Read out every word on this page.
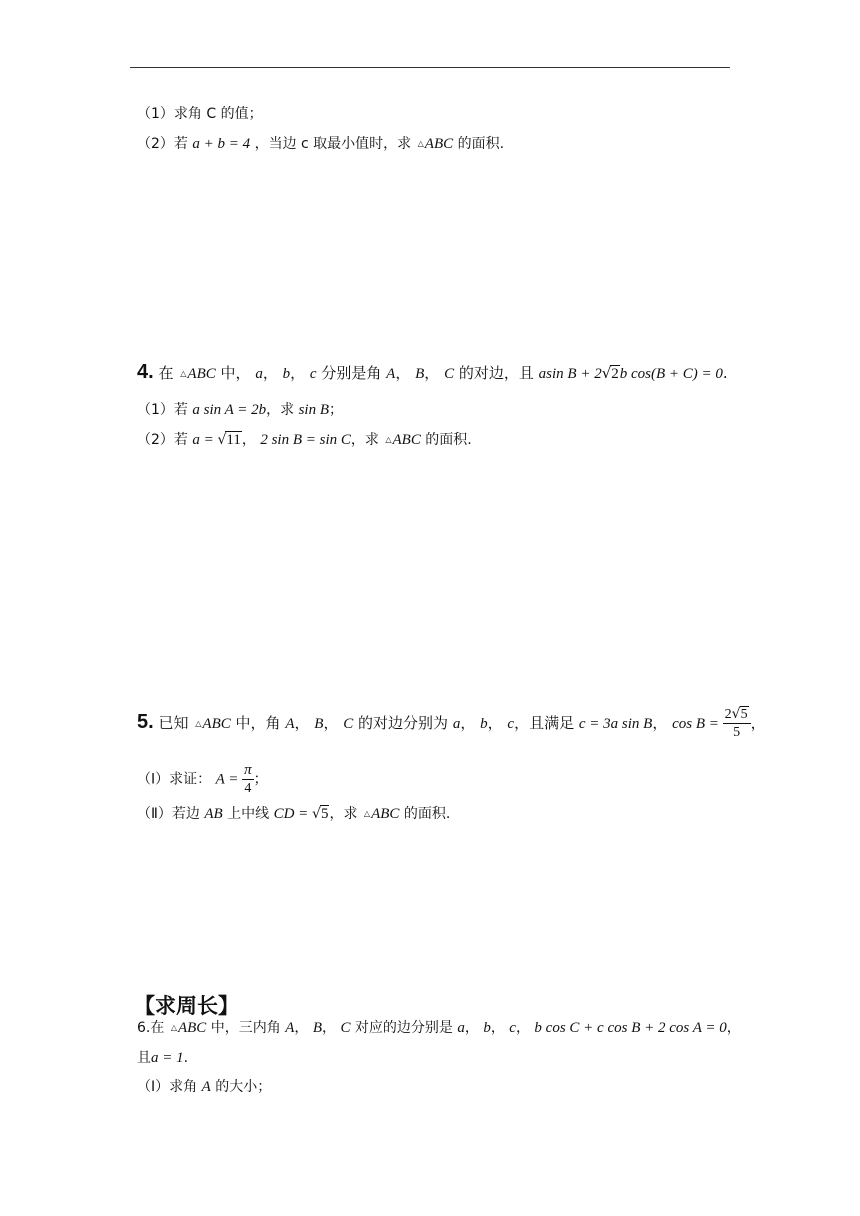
（1）求角 C 的值；
（2）若 a + b = 4 ，当边 c 取最小值时，求 △ABC 的面积.
4. 在 △ABC 中， a， b， c 分别是角 A， B， C 的对边，且 asin B + 2√2b cos(B + C) = 0.
（1）若 a sin A = 2b，求 sin B；
（2）若 a = √11， 2 sin B = sin C，求 △ABC 的面积.
5. 已知 △ABC 中，角 A， B， C 的对边分别为 a， b， c，且满足 c = 3a sin B， $\cos B = \frac{2√5}{5}$ ，
（Ⅰ）求证： $A = \frac{\pi}{4}$ ；
（Ⅱ）若边 AB 上中线 CD = √5，求 △ABC 的面积.
【求周长】
6.在 △ABC 中，三内角 A， B， C 对应的边分别是 a， b， c， b cos C + c cos B + 2 cos A = 0，
且a = 1.
（Ⅰ）求角 A 的大小；
